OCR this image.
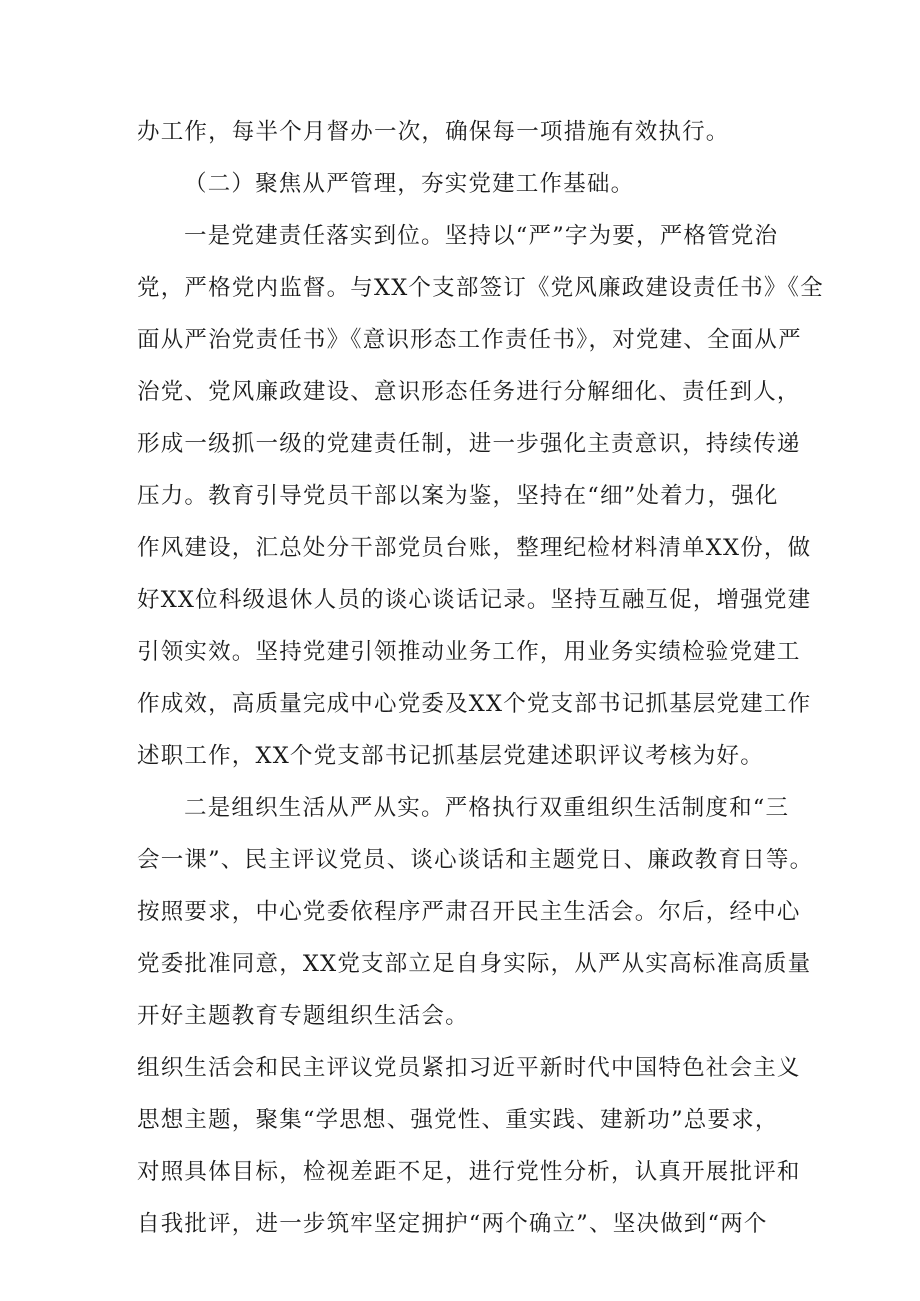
办工作，每半个月督办一次，确保每一项措施有效执行。
（二）聚焦从严管理，夯实党建工作基础。
一是党建责任落实到位。坚持以“严”字为要，严格管党治
党，严格党内监督。与XX个支部签订《党风廉政建设责任书》《全
面从严治党责任书》《意识形态工作责任书》，对党建、全面从严
治党、党风廉政建设、意识形态任务进行分解细化、责任到人，
形成一级抓一级的党建责任制，进一步强化主责意识，持续传递
压力。教育引导党员干部以案为鉴，坚持在“细”处着力，强化
作风建设，汇总处分干部党员台账，整理纪检材料清单XX份，做
好XX位科级退休人员的谈心谈话记录。坚持互融互促，增强党建
引领实效。坚持党建引领推动业务工作，用业务实绩检验党建工
作成效，高质量完成中心党委及XX个党支部书记抓基层党建工作
述职工作，XX个党支部书记抓基层党建述职评议考核为好。
二是组织生活从严从实。严格执行双重组织生活制度和“三
会一课”、民主评议党员、谈心谈话和主题党日、廉政教育日等。
按照要求，中心党委依程序严肃召开民主生活会。尔后，经中心
党委批准同意，XX党支部立足自身实际，从严从实高标准高质量
开好主题教育专题组织生活会。
组织生活会和民主评议党员紧扣习近平新时代中国特色社会主义
思想主题，聚集“学思想、强党性、重实践、建新功”总要求，
对照具体目标，检视差距不足，进行党性分析，认真开展批评和
自我批评，进一步筑牢坚定拥护“两个确立”、坚决做到“两个
